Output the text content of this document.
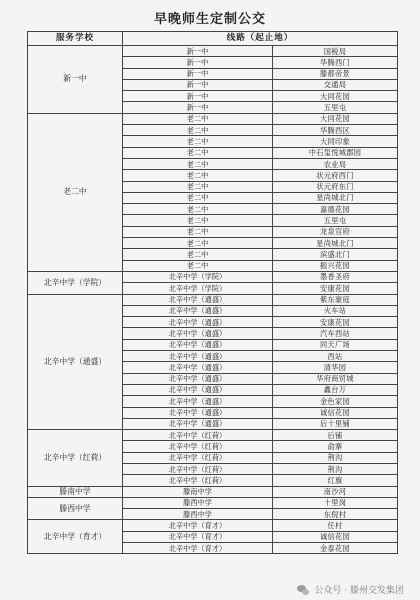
早晚师生定制公交
服务学校	线路（起止地）	
新一中	新一中	国税局
	新一中	华腾西门
	新一中	滕都帝景
	新一中	交通局
	新一中	大同花园
	新一中	五里屯
老二中	老二中	大同花园
	老二中	华腾西区
	老二中	大同印象
	老二中	中石玺悦城郡园
	老二中	农业局
	老二中	状元府西门
	老二中	状元府东门
	老二中	星尚城北门
	老二中	嘉德花园
	老二中	五里屯
	老二中	龙泉官府
	老二中	星尚城北门
	老二中	滨盛北门
	老二中	振兴花园
北辛中学（学院）	北辛中学（学院）	墨香圣府
	北辛中学（学院）	安康花园
北辛中学（通盛）	北辛中学（通盛）	紫东豪庭
	北辛中学（通盛）	火车站
	北辛中学（通盛）	安康花园
	北辛中学（通盛）	汽车西站
	北辛中学（通盛）	同天广场
	北辛中学（通盛）	西站
	北辛中学（通盛）	清华园
	北辛中学（通盛）	华府商贸城
	北辛中学（通盛）	鑫台万
	北辛中学（通盛）	金色家园
	北辛中学（通盛）	诚信花园
	北辛中学（通盛）	后十里铺
北辛中学（红荷）	北辛中学（红荷）	后铺
	北辛中学（红荷）	俞寨
	北辛中学（红荷）	荆沟
	北辛中学（红荷）	荆沟
	北辛中学（红荷）	红旗
滕南中学	滕南中学	南沙河
滕西中学	滕西中学	十里岗
	滕西中学	东倪村
北辛中学（育才）	北辛中学（育才）	任村
	北辛中学（育才）	诚信花园
	北辛中学（育才）	金泰花园
公众号 · 滕州交发集团
